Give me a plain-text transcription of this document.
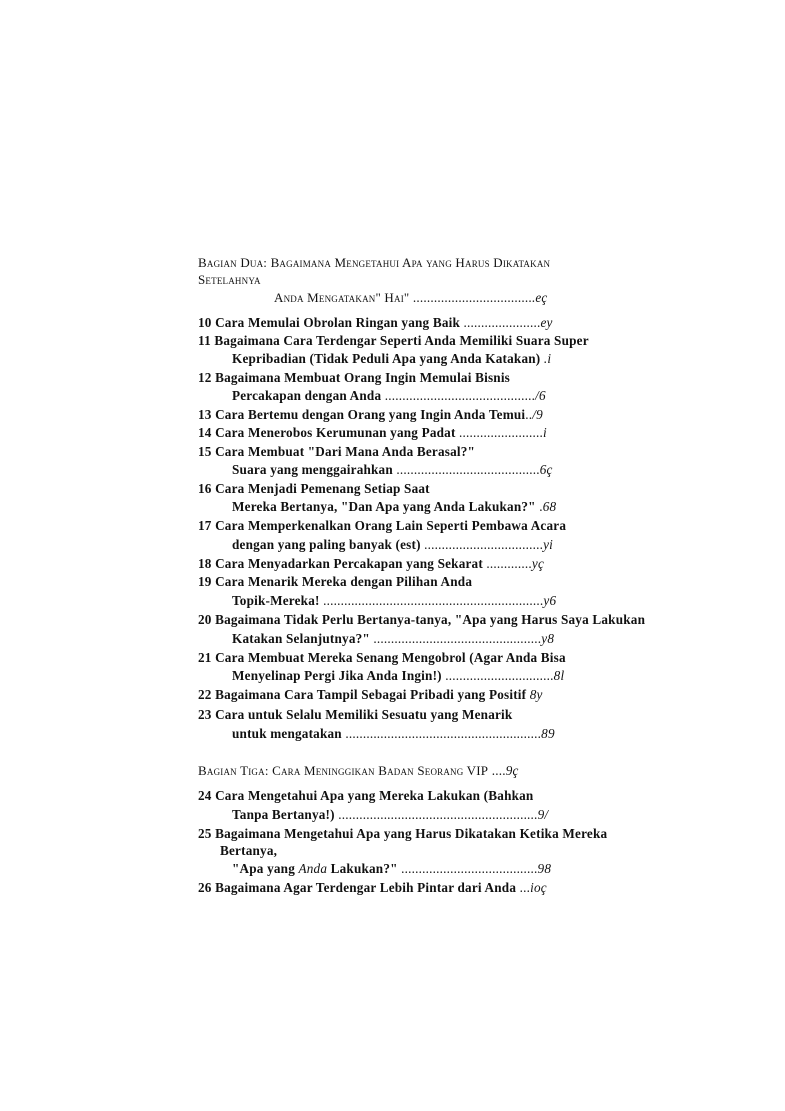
Bagian Dua: Bagaimana Mengetahui Apa yang Harus Dikatakan
Setelahnya
Anda Mengatakan" Hai" ...................................eç
10 Cara Memulai Obrolan Ringan yang Baik ......................ey
11 Bagaimana Cara Terdengar Seperti Anda Memiliki Suara Super
Kepribadian (Tidak Peduli Apa yang Anda Katakan) .i
12 Bagaimana Membuat Orang Ingin Memulai Bisnis
Percakapan dengan Anda .........................................../6
13 Cara Bertemu dengan Orang yang Ingin Anda Temui../9
14 Cara Menerobos Kerumunan yang Padat ........................i
15 Cara Membuat "Dari Mana Anda Berasal?"
Suara yang menggairahkan .........................................6ç
16 Cara Menjadi Pemenang Setiap Saat
Mereka Bertanya, "Dan Apa yang Anda Lakukan?" .68
17 Cara Memperkenalkan Orang Lain Seperti Pembawa Acara
dengan yang paling banyak (est) ..................................yi
18 Cara Menyadarkan Percakapan yang Sekarat .............yç
19 Cara Menarik Mereka dengan Pilihan Anda
Topik-Mereka! ...............................................................y6
20 Bagaimana Tidak Perlu Bertanya-tanya, "Apa yang Harus Saya Lakukan
Katakan Selanjutnya?" ................................................y8
21 Cara Membuat Mereka Senang Mengobrol (Agar Anda Bisa
Menyelinap Pergi Jika Anda Ingin!) ...............................8l
22 Bagaimana Cara Tampil Sebagai Pribadi yang Positif 8y
23 Cara untuk Selalu Memiliki Sesuatu yang Menarik
untuk mengatakan ........................................................89
Bagian Tiga: Cara Meninggikan Badan Seorang VIP ....9ç
24 Cara Mengetahui Apa yang Mereka Lakukan (Bahkan
Tanpa Bertanya!) .........................................................9/
25 Bagaimana Mengetahui Apa yang Harus Dikatakan Ketika Mereka
Bertanya,
"Apa yang Anda Lakukan?" .......................................98
26 Bagaimana Agar Terdengar Lebih Pintar dari Anda ...ioç
